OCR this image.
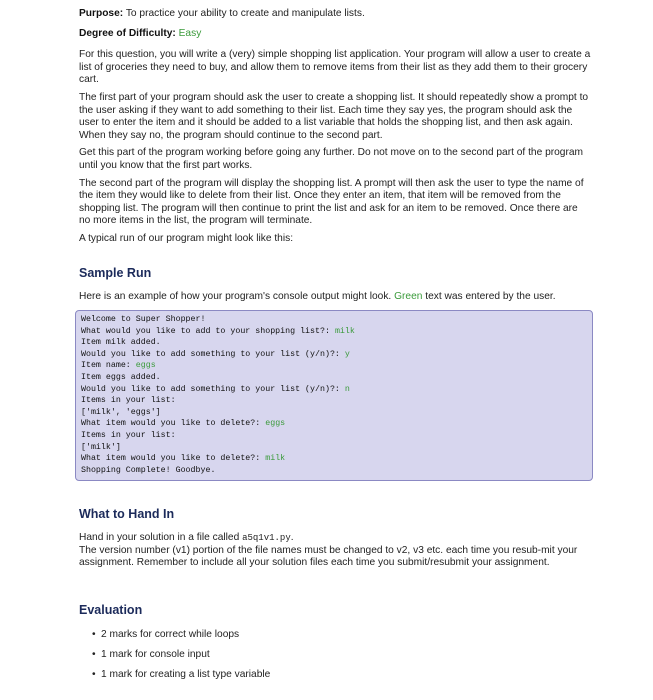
Purpose: To practice your ability to create and manipulate lists.

Degree of Difficulty: Easy

For this question, you will write a (very) simple shopping list application. Your program will allow a user to create a list of groceries they need to buy, and allow them to remove items from their list as they add them to their grocery cart.

The first part of your program should ask the user to create a shopping list. It should repeatedly show a prompt to the user asking if they want to add something to their list. Each time they say yes, the program should ask the user to enter the item and it should be added to a list variable that holds the shopping list, and then ask again. When they say no, the program should continue to the second part.

Get this part of the program working before going any further. Do not move on to the second part of the program until you know that the first part works.

The second part of the program will display the shopping list. A prompt will then ask the user to type the name of the item they would like to delete from their list. Once they enter an item, that item will be removed from the shopping list. The program will then continue to print the list and ask for an item to be removed. Once there are no more items in the list, the program will terminate.

A typical run of our program might look like this:

Sample Run

Here is an example of how your program's console output might look. Green text was entered by the user.

Welcome to Super Shopper!
What would you like to add to your shopping list?: milk
Item milk added.
Would you like to add something to your list (y/n)?: y
Item name: eggs
Item eggs added.
Would you like to add something to your list (y/n)?: n
Items in your list:
['milk', 'eggs']
What item would you like to delete?: eggs
Items in your list:
['milk']
What item would you like to delete?: milk
Shopping Complete! Goodbye.
What to Hand In

Hand in your solution in a file called a5q1v1.py.

The version number (v1) portion of the file names must be changed to v2, v3 etc. each time you resub-mit your assignment. Remember to include all your solution files each time you submit/resubmit your assignment.

Evaluation
• 2 marks for correct while loops
• 1 mark for console input
• 1 mark for creating a list type variable
